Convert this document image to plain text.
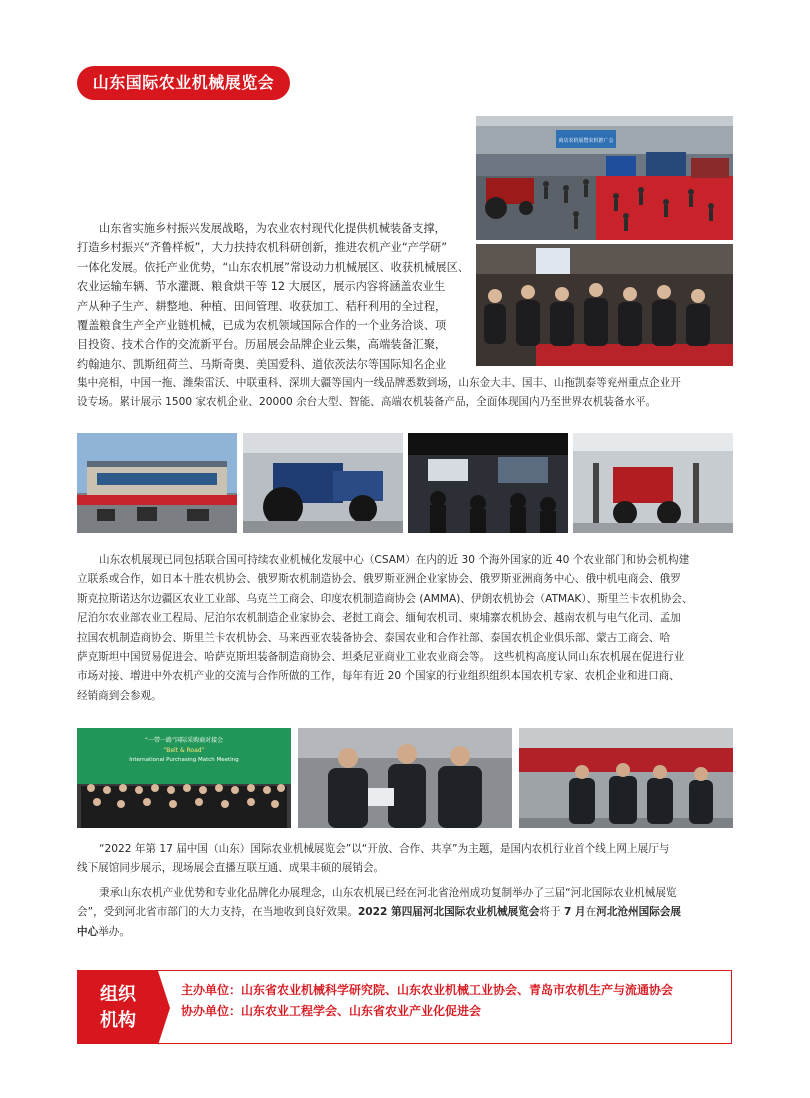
山东国际农业机械展览会
商店农机展暨农机推广会
山东省实施乡村振兴发展战略，为农业农村现代化提供机械装备支撑，
打造乡村振兴“齐鲁样板”，大力扶持农机科研创新，推进农机产业“产学研”
一体化发展。依托产业优势，“山东农机展”常设动力机械展区、收获机械展区、
农业运输车辆、节水灌溉、粮食烘干等 12 大展区，展示内容将涵盖农业生
产从种子生产、耕整地、种植、田间管理、收获加工、秸秆利用的全过程，
覆盖粮食生产全产业链机械，已成为农机领域国际合作的一个业务洽谈、项
目投资、技术合作的交流新平台。历届展会品牌企业云集，高端装备汇聚，
约翰迪尔、凯斯纽荷兰、马斯奇奥、美国爱科、道依茨法尔等国际知名企业
集中亮相，中国一拖、潍柴雷沃、中联重科、深圳大疆等国内一线品牌悉数到场，山东金大丰、国丰、山拖凯泰等兖州重点企业开
设专场。累计展示 1500 家农机企业、20000 余台大型、智能、高端农机装备产品，全面体现国内乃至世界农机装备水平。
山东农机展现已同包括联合国可持续农业机械化发展中心（CSAM）在内的近 30 个海外国家的近 40 个农业部门和协会机构建
立联系或合作，如日本十胜农机协会、俄罗斯农机制造协会、俄罗斯亚洲企业家协会、俄罗斯亚洲商务中心、俄中机电商会、俄罗
斯克拉斯诺达尔边疆区农业工业部、乌克兰工商会、印度农机制造商协会 (AMMA)、伊朗农机协会（ATMAK）、斯里兰卡农机协会、
尼泊尔农业部农业工程局、尼泊尔农机制造企业家协会、老挝工商会、缅甸农机司、柬埔寨农机协会、越南农机与电气化司、孟加
拉国农机制造商协会、斯里兰卡农机协会、马来西亚农装备协会、泰国农业和合作社部、泰国农机企业俱乐部、蒙古工商会、哈
萨克斯坦中国贸易促进会、哈萨克斯坦装备制造商协会、坦桑尼亚商业工业农业商会等。 这些机构高度认同山东农机展在促进行业
市场对接、增进中外农机产业的交流与合作所做的工作，每年有近 20 个国家的行业组织组织本国农机专家、农机企业和进口商、
经销商到会参观。
“一带一路”国际采购商对接会
“Belt & Road”
International Purchasing Match Meeting
“2022 年第 17 届中国（山东）国际农业机械展览会”以“开放、合作、共享”为主题，是国内农机行业首个线上网上展厅与
线下展馆同步展示，现场展会直播互联互通、成果丰硕的展销会。
秉承山东农机产业优势和专业化品牌化办展理念，山东农机展已经在河北省沧州成功复制举办了三届“河北国际农业机械展览
会”，受到河北省市部门的大力支持，在当地收到良好效果。2022 第四届河北国际农业机械展览会将于 7 月在河北沧州国际会展
中心举办。
组织
机构
主办单位：山东省农业机械科学研究院、山东农业机械工业协会、青岛市农机生产与流通协会
协办单位：山东农业工程学会、山东省农业产业化促进会
